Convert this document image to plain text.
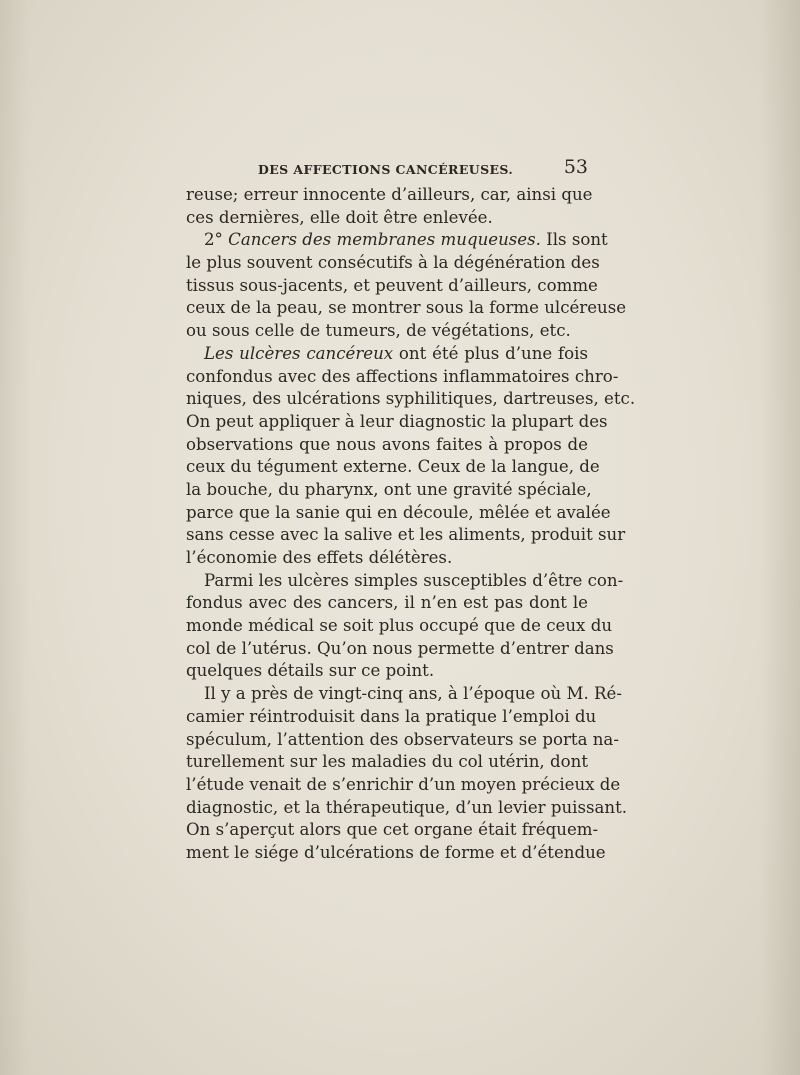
DES AFFECTIONS CANCÉREUSES.	53
reuse; erreur innocente d’ailleurs, car, ainsi que
ces dernières, elle doit être enlevée.
2° Cancers des membranes muqueuses. Ils sont
le plus souvent consécutifs à la dégénération des
tissus sous-jacents, et peuvent d’ailleurs, comme
ceux de la peau, se montrer sous la forme ulcéreuse
ou sous celle de tumeurs, de végétations, etc.
Les ulcères cancéreux ont été plus d’une fois
confondus avec des affections inflammatoires chro-
niques, des ulcérations syphilitiques, dartreuses, etc.
On peut appliquer à leur diagnostic la plupart des
observations que nous avons faites à propos de
ceux du tégument externe. Ceux de la langue, de
la bouche, du pharynx, ont une gravité spéciale,
parce que la sanie qui en découle, mêlée et avalée
sans cesse avec la salive et les aliments, produit sur
l’économie des effets délétères.
Parmi les ulcères simples susceptibles d’être con-
fondus avec des cancers, il n’en est pas dont le
monde médical se soit plus occupé que de ceux du
col de l’utérus. Qu’on nous permette d’entrer dans
quelques détails sur ce point.
Il y a près de vingt-cinq ans, à l’époque où M. Ré-
camier réintroduisit dans la pratique l’emploi du
spéculum, l’attention des observateurs se porta na-
turellement sur les maladies du col utérin, dont
l’étude venait de s’enrichir d’un moyen précieux de
diagnostic, et la thérapeutique, d’un levier puissant.
On s’aperçut alors que cet organe était fréquem-
ment le siége d’ulcérations de forme et d’étendue
